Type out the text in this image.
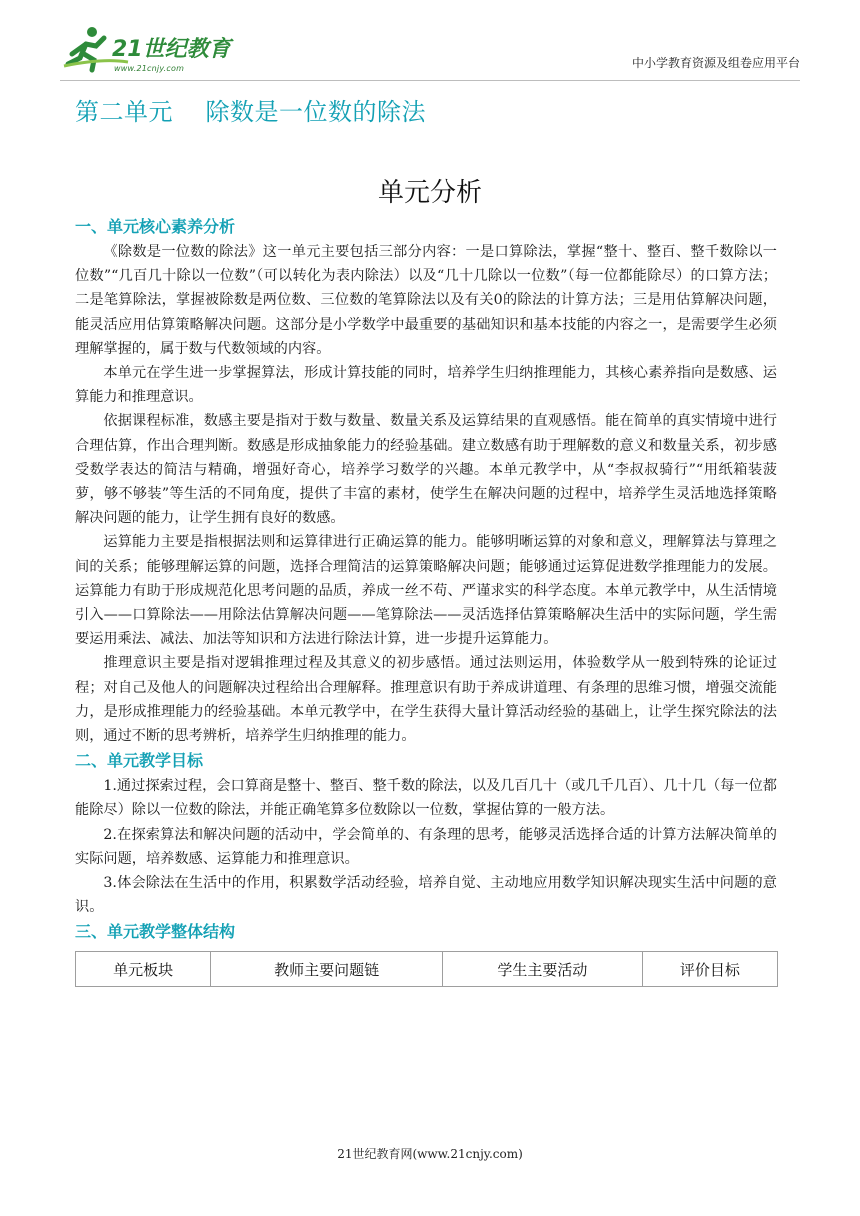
21世纪教育
www.21cnjy.com	中小学教育资源及组卷应用平台
第二单元    除数是一位数的除法
单元分析
一、单元核心素养分析

《除数是一位数的除法》这一单元主要包括三部分内容：一是口算除法，掌握“整十、整百、整千数除以一位数”“几百几十除以一位数”（可以转化为表内除法）以及“几十几除以一位数”（每一位都能除尽）的口算方法；二是笔算除法，掌握被除数是两位数、三位数的笔算除法以及有关0的除法的计算方法；三是用估算解决问题，能灵活应用估算策略解决问题。这部分是小学数学中最重要的基础知识和基本技能的内容之一，是需要学生必须理解掌握的，属于数与代数领域的内容。

本单元在学生进一步掌握算法，形成计算技能的同时，培养学生归纳推理能力，其核心素养指向是数感、运算能力和推理意识。

依据课程标准，数感主要是指对于数与数量、数量关系及运算结果的直观感悟。能在简单的真实情境中进行合理估算，作出合理判断。数感是形成抽象能力的经验基础。建立数感有助于理解数的意义和数量关系，初步感受数学表达的简洁与精确，增强好奇心，培养学习数学的兴趣。本单元教学中，从“李叔叔骑行”“用纸箱装菠萝，够不够装”等生活的不同角度，提供了丰富的素材，使学生在解决问题的过程中，培养学生灵活地选择策略解决问题的能力，让学生拥有良好的数感。

运算能力主要是指根据法则和运算律进行正确运算的能力。能够明晰运算的对象和意义，理解算法与算理之间的关系；能够理解运算的问题，选择合理简洁的运算策略解决问题；能够通过运算促进数学推理能力的发展。运算能力有助于形成规范化思考问题的品质，养成一丝不苟、严谨求实的科学态度。本单元教学中，从生活情境引入——口算除法——用除法估算解决问题——笔算除法——灵活选择估算策略解决生活中的实际问题，学生需要运用乘法、减法、加法等知识和方法进行除法计算，进一步提升运算能力。

推理意识主要是指对逻辑推理过程及其意义的初步感悟。通过法则运用，体验数学从一般到特殊的论证过程；对自己及他人的问题解决过程给出合理解释。推理意识有助于养成讲道理、有条理的思维习惯，增强交流能力，是形成推理能力的经验基础。本单元教学中，在学生获得大量计算活动经验的基础上，让学生探究除法的法则，通过不断的思考辨析，培养学生归纳推理的能力。

二、单元教学目标

1.通过探索过程，会口算商是整十、整百、整千数的除法，以及几百几十（或几千几百）、几十几（每一位都能除尽）除以一位数的除法，并能正确笔算多位数除以一位数，掌握估算的一般方法。

2.在探索算法和解决问题的活动中，学会简单的、有条理的思考，能够灵活选择合适的计算方法解决简单的实际问题，培养数感、运算能力和推理意识。

3.体会除法在生活中的作用，积累数学活动经验，培养自觉、主动地应用数学知识解决现实生活中问题的意识。

三、单元教学整体结构
单元板块	教师主要问题链	学生主要活动	评价目标
21世纪教育网(www.21cnjy.com)
